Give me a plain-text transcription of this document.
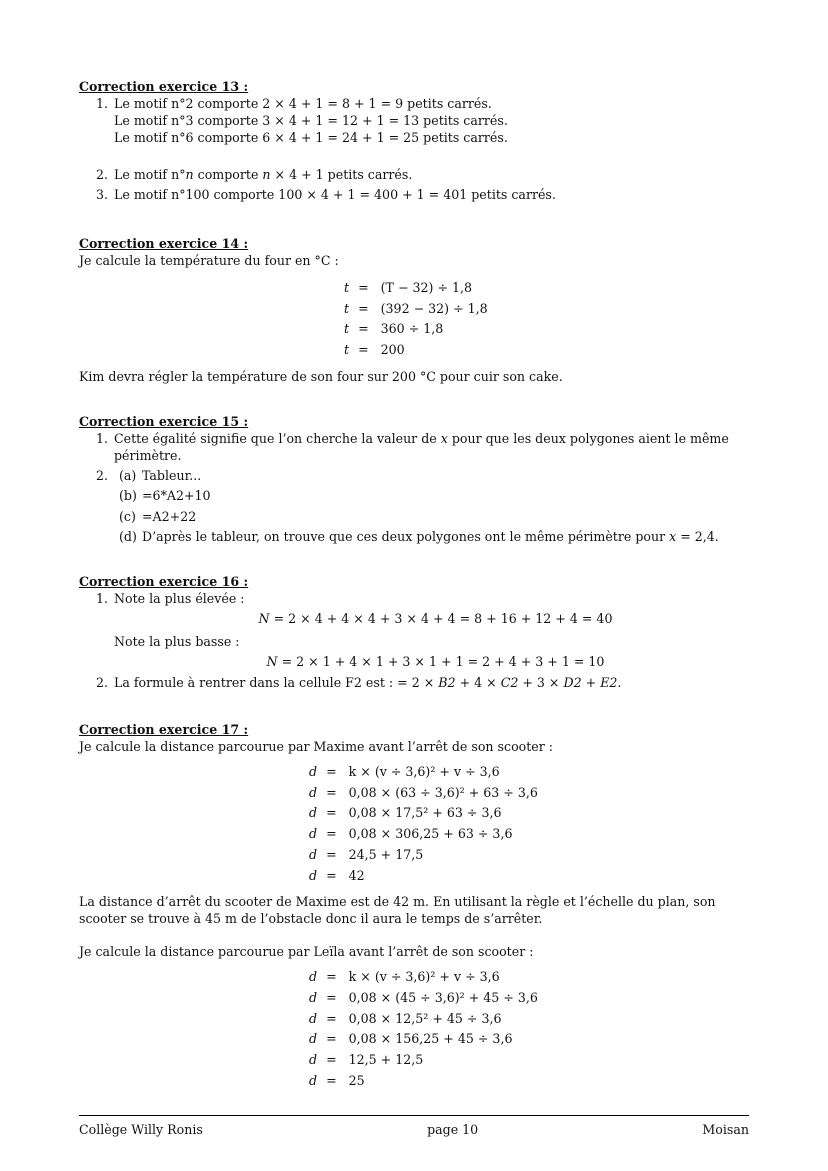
Correction exercice 13 :

1. Le motif n°2 comporte 2 × 4 + 1 = 8 + 1 = 9 petits carrés.
Le motif n°3 comporte 3 × 4 + 1 = 12 + 1 = 13 petits carrés.
Le motif n°6 comporte 6 × 4 + 1 = 24 + 1 = 25 petits carrés.
2. Le motif n°n comporte n × 4 + 1 petits carrés.
3. Le motif n°100 comporte 100 × 4 + 1 = 400 + 1 = 401 petits carrés.

Correction exercice 14 :

Je calcule la température du four en °C :

t	=	(T − 32) ÷ 1,8
t	=	(392 − 32) ÷ 1,8
t	=	360 ÷ 1,8
t	=	200

Kim devra régler la température de son four sur 200 °C pour cuir son cake.

Correction exercice 15 :

1. Cette égalité signifie que l’on cherche la valeur de x pour que les deux polygones aient le même périmètre.
2. (a) Tableur...
(b) =6*A2+10
(c) =A2+22
(d) D’après le tableur, on trouve que ces deux polygones ont le même périmètre pour x = 2,4.

Correction exercice 16 :

1. Note la plus élevée :
N = 2 × 4 + 4 × 4 + 3 × 4 + 4 = 8 + 16 + 12 + 4 = 40
Note la plus basse :
N = 2 × 1 + 4 × 1 + 3 × 1 + 1 = 2 + 4 + 3 + 1 = 10
2. La formule à rentrer dans la cellule F2 est : = 2 × B2 + 4 × C2 + 3 × D2 + E2.

Correction exercice 17 :

Je calcule la distance parcourue par Maxime avant l’arrêt de son scooter :

d	=	k × (v ÷ 3,6)² + v ÷ 3,6
d	=	0,08 × (63 ÷ 3,6)² + 63 ÷ 3,6
d	=	0,08 × 17,5² + 63 ÷ 3,6
d	=	0,08 × 306,25 + 63 ÷ 3,6
d	=	24,5 + 17,5
d	=	42

La distance d’arrêt du scooter de Maxime est de 42 m. En utilisant la règle et l’échelle du plan, son scooter se trouve à 45 m de l’obstacle donc il aura le temps de s’arrêter.

Je calcule la distance parcourue par Leïla avant l’arrêt de son scooter :

d	=	k × (v ÷ 3,6)² + v ÷ 3,6
d	=	0,08 × (45 ÷ 3,6)² + 45 ÷ 3,6
d	=	0,08 × 12,5² + 45 ÷ 3,6
d	=	0,08 × 156,25 + 45 ÷ 3,6
d	=	12,5 + 12,5
d	=	25
Collège Willy Ronis	page 10	Moisan
